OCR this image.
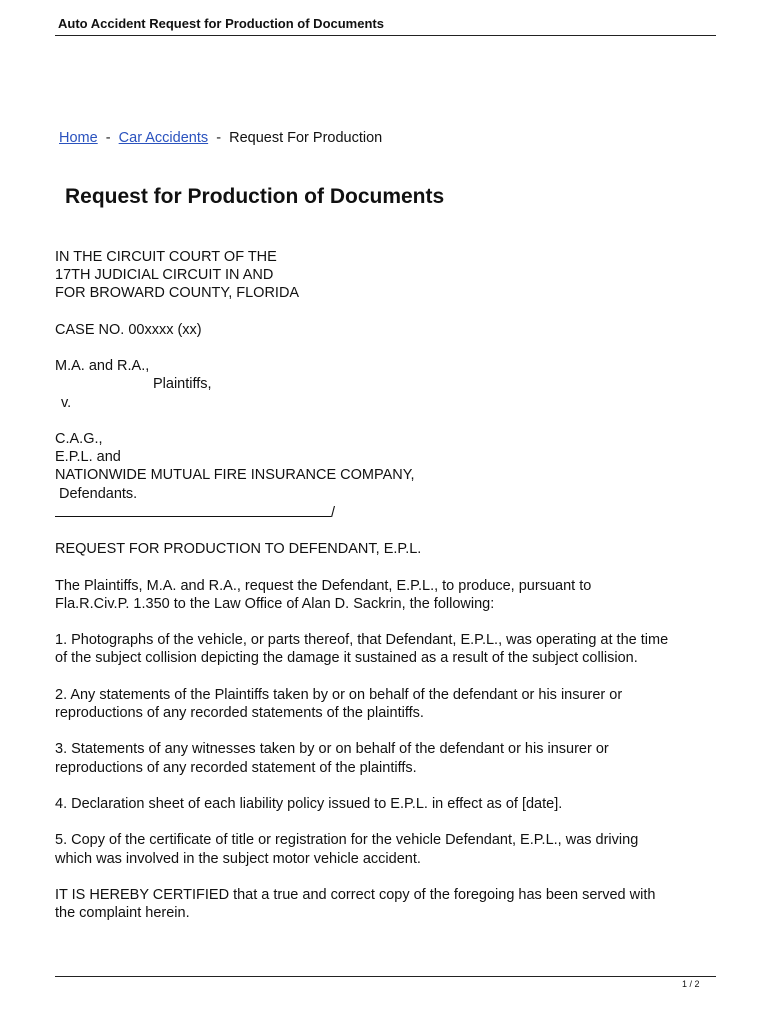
Auto Accident Request for Production of Documents
Home - Car Accidents - Request For Production
Request for Production of Documents

IN THE CIRCUIT COURT OF THE
17TH JUDICIAL CIRCUIT IN AND
FOR BROWARD COUNTY, FLORIDA

CASE NO. 00xxxx (xx)

M.A. and R.A.,
Plaintiffs,
v.

C.A.G.,
E.P.L. and
NATIONWIDE MUTUAL FIRE INSURANCE COMPANY,
Defendants.
/

REQUEST FOR PRODUCTION TO DEFENDANT, E.P.L.

The Plaintiffs, M.A. and R.A., request the Defendant, E.P.L., to produce, pursuant to
Fla.R.Civ.P. 1.350 to the Law Office of Alan D. Sackrin, the following:

1. Photographs of the vehicle, or parts thereof, that Defendant, E.P.L., was operating at the time
of the subject collision depicting the damage it sustained as a result of the subject collision.

2. Any statements of the Plaintiffs taken by or on behalf of the defendant or his insurer or
reproductions of any recorded statements of the plaintiffs.

3. Statements of any witnesses taken by or on behalf of the defendant or his insurer or
reproductions of any recorded statement of the plaintiffs.

4. Declaration sheet of each liability policy issued to E.P.L. in effect as of [date].

5. Copy of the certificate of title or registration for the vehicle Defendant, E.P.L., was driving
which was involved in the subject motor vehicle accident.

IT IS HEREBY CERTIFIED that a true and correct copy of the foregoing has been served with
the complaint herein.

1 / 2
